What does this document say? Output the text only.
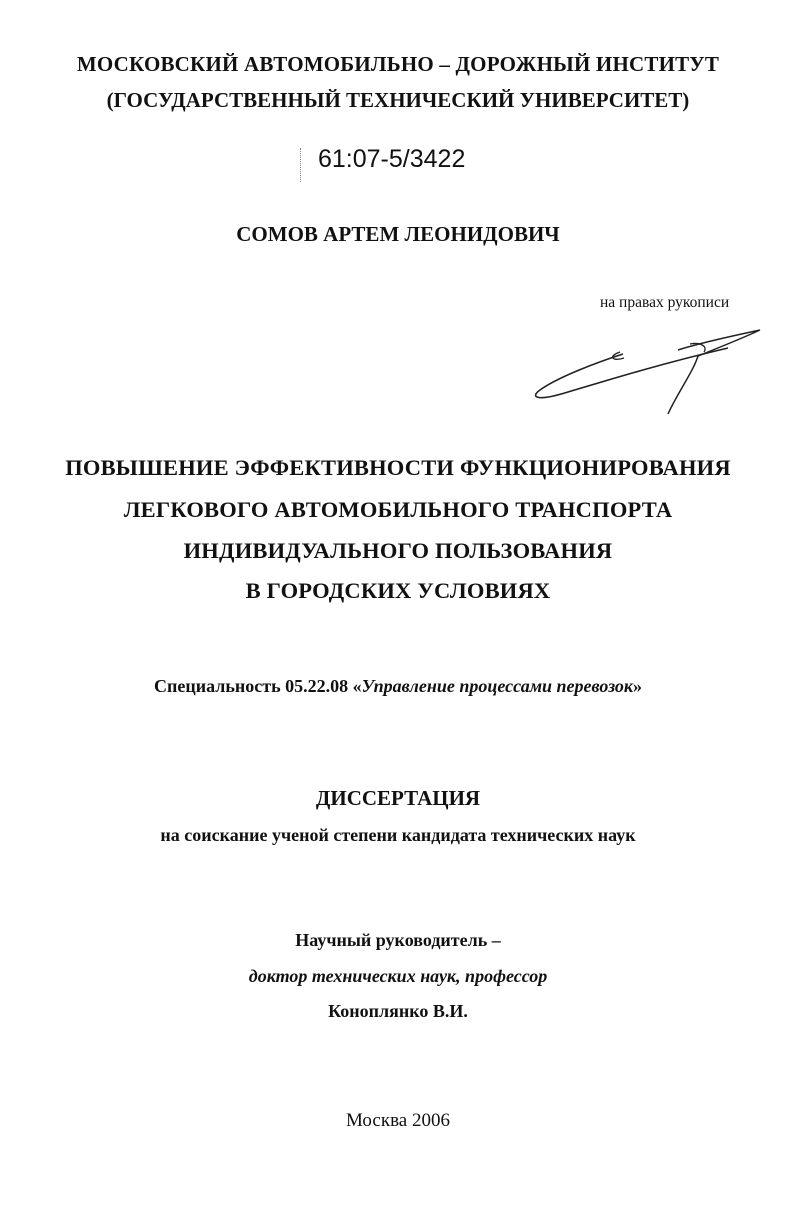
МОСКОВСКИЙ АВТОМОБИЛЬНО – ДОРОЖНЫЙ ИНСТИТУТ
(ГОСУДАРСТВЕННЫЙ ТЕХНИЧЕСКИЙ УНИВЕРСИТЕТ)
61:07-5/3422
СОМОВ АРТЕМ ЛЕОНИДОВИЧ
на правах рукописи
ПОВЫШЕНИЕ ЭФФЕКТИВНОСТИ ФУНКЦИОНИРОВАНИЯ
ЛЕГКОВОГО АВТОМОБИЛЬНОГО ТРАНСПОРТА
ИНДИВИДУАЛЬНОГО ПОЛЬЗОВАНИЯ
В ГОРОДСКИХ УСЛОВИЯХ
Специальность 05.22.08 «Управление процессами перевозок»
ДИССЕРТАЦИЯ
на соискание ученой степени кандидата технических наук
Научный руководитель –
доктор технических наук, профессор
Коноплянко В.И.
Москва 2006
